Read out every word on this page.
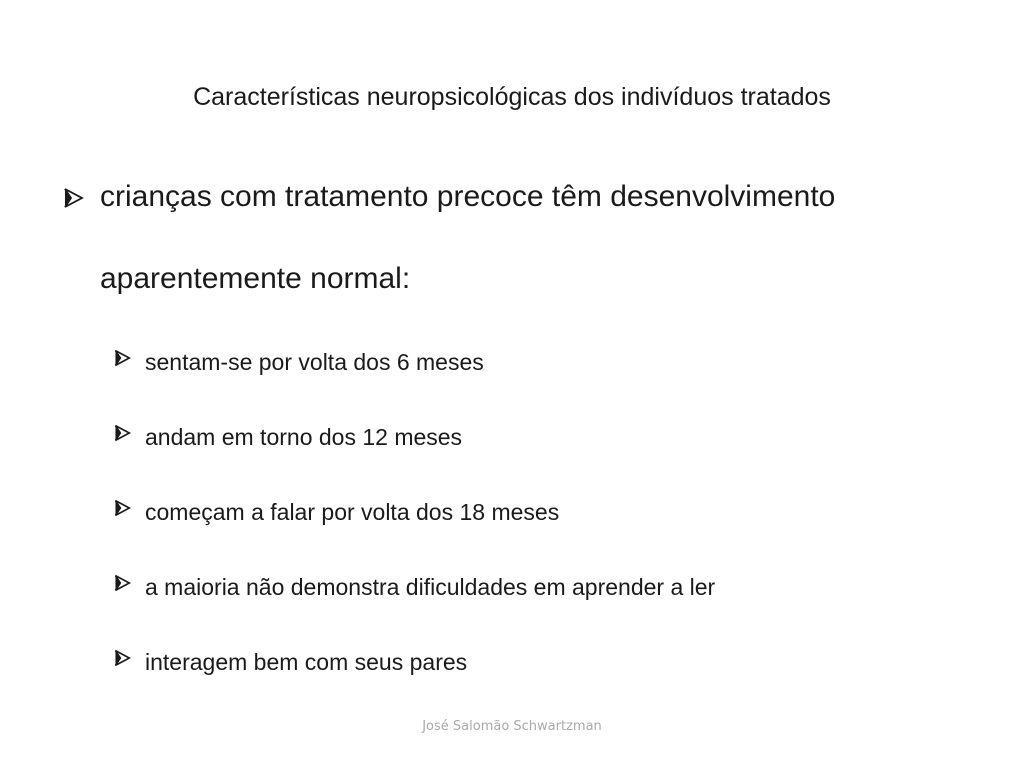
Características neuropsicológicas dos indivíduos tratados
crianças com tratamento precoce têm desenvolvimento aparentemente normal:
sentam-se por volta dos 6 meses
andam em torno dos 12 meses
começam a falar por volta dos 18 meses
a maioria não demonstra dificuldades em aprender a ler
interagem bem com seus pares
José Salomão Schwartzman
